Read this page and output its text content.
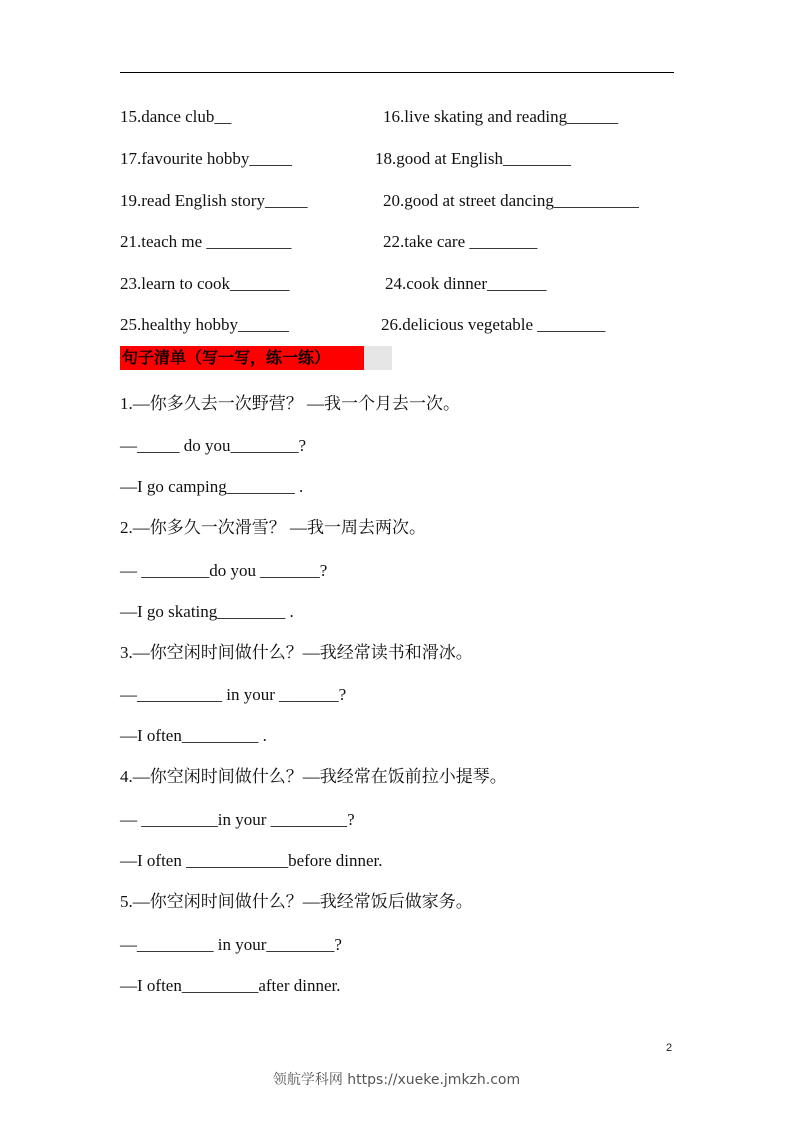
15.dance club__	16.live skating and reading______
17.favourite hobby_____	18.good at English________
19.read English story_____	20.good at street dancing__________
21.teach me __________	22.take care ________
23.learn to cook_______	24.cook dinner_______
25.healthy hobby______	26.delicious vegetable ________
句子清单（写一写，练一练）
1.—你多久去一次野营？ —我一个月去一次。
—_____ do you________?
—I go camping________ .
2.—你多久一次滑雪？ —我一周去两次。
— ________do you _______?
—I go skating________ .
3.—你空闲时间做什么？—我经常读书和滑冰。
—__________ in your _______?
—I often_________ .
4.—你空闲时间做什么？—我经常在饭前拉小提琴。
— _________in your _________?
—I often ____________before dinner.
5.—你空闲时间做什么？—我经常饭后做家务。
—_________ in your________?
—I often_________after dinner.
2
领航学科网 https://xueke.jmkzh.com
